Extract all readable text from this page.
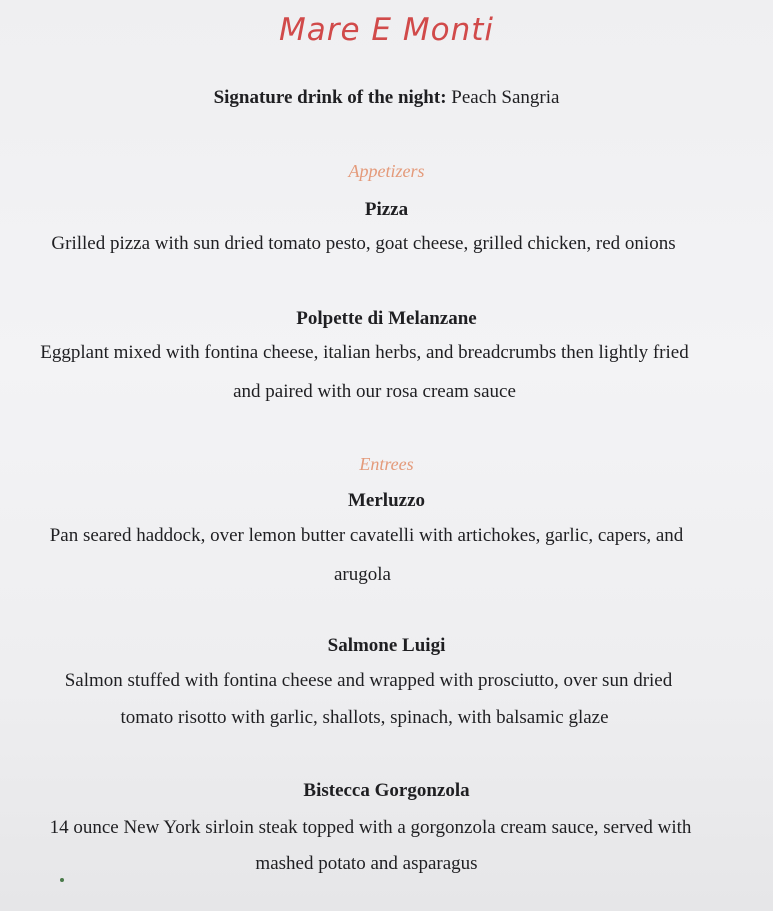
Mare E Monti
Signature drink of the night: Peach Sangria
Appetizers
Pizza
Grilled pizza with sun dried tomato pesto, goat cheese, grilled chicken, red onions
Polpette di Melanzane
Eggplant mixed with fontina cheese, italian herbs, and breadcrumbs then lightly fried
and paired with our rosa cream sauce
Entrees
Merluzzo
Pan seared haddock, over lemon butter cavatelli with artichokes, garlic, capers, and
arugola
Salmone Luigi
Salmon stuffed with fontina cheese and wrapped with prosciutto, over sun dried
tomato risotto with garlic, shallots, spinach, with balsamic glaze
Bistecca Gorgonzola
14 ounce New York sirloin steak topped with a gorgonzola cream sauce, served with
mashed potato and asparagus
